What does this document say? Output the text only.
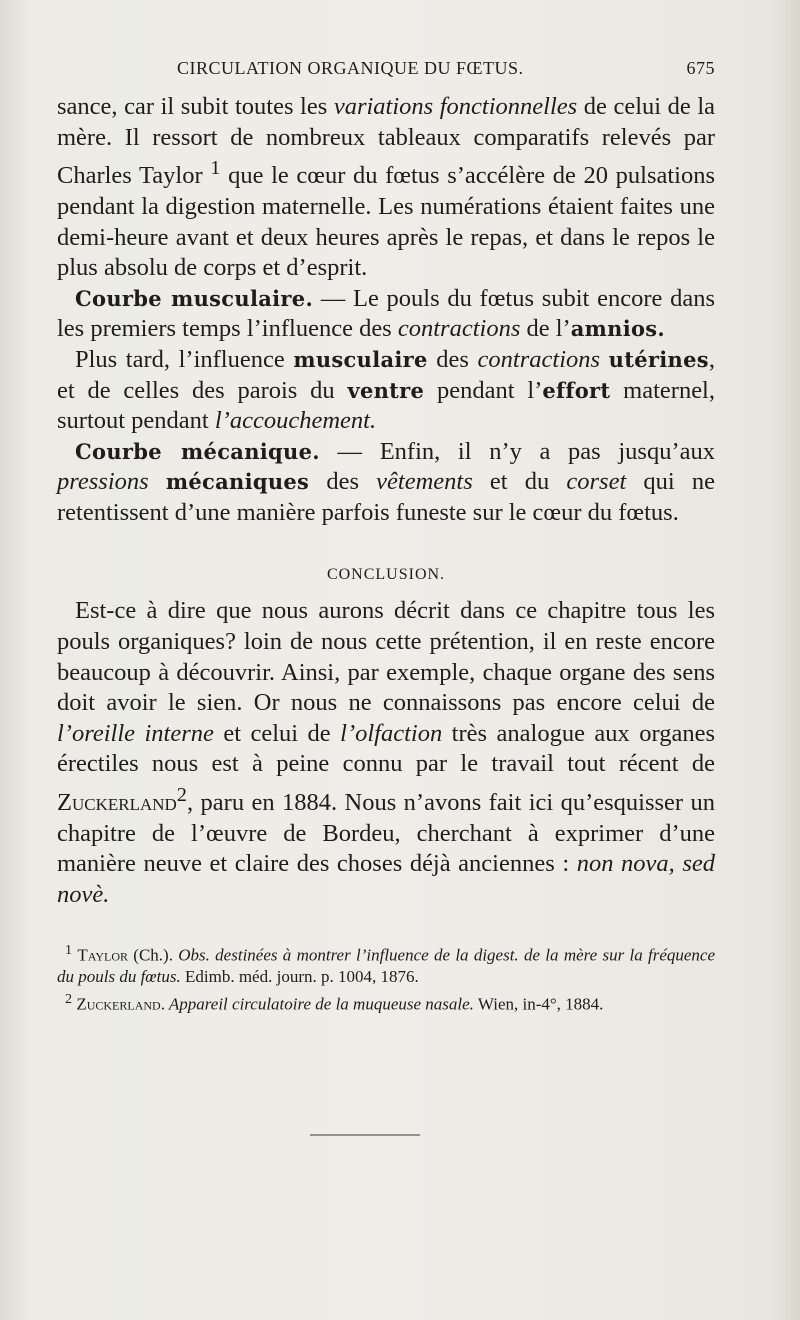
⠀
CIRCULATION ORGANIQUE DU FŒTUS.	675

sance, car il subit toutes les variations fonctionnelles de celui de la mère. Il ressort de nombreux tableaux comparatifs relevés par Charles Taylor $^1$ que le cœur du fœtus s’accélère de 20 pulsations pendant la digestion maternelle. Les numérations étaient faites une demi-heure avant et deux heures après le repas, et dans le repos le plus absolu de corps et d’esprit.

Courbe musculaire. — Le pouls du fœtus subit encore dans les premiers temps l’influence des contractions de l’amnios.

Plus tard, l’influence musculaire des contractions utérines, et de celles des parois du ventre pendant l’effort maternel, surtout pendant l’accouchement.

Courbe mécanique. — Enfin, il n’y a pas jusqu’aux pressions mécaniques des vêtements et du corset qui ne retentissent d’une manière parfois funeste sur le cœur du fœtus.

CONCLUSION.

Est-ce à dire que nous aurons décrit dans ce chapitre tous les pouls organiques? loin de nous cette prétention, il en reste encore beaucoup à découvrir. Ainsi, par exemple, chaque organe des sens doit avoir le sien. Or nous ne connaissons pas encore celui de l’oreille interne et celui de l’olfaction très analogue aux organes érectiles nous est à peine connu par le travail tout récent de Zuckerland$^2$, paru en 1884. Nous n’avons fait ici qu’esquisser un chapitre de l’œuvre de Bordeu, cherchant à exprimer d’une manière neuve et claire des choses déjà anciennes : non nova, sed novè.

$^1$ Taylor (Ch.). Obs. destinées à montrer l’influence de la digest. de la mère sur la fréquence du pouls du fœtus. Edimb. méd. journ. p. 1004, 1876.
$^2$ Zuckerland. Appareil circulatoire de la muqueuse nasale. Wien, in-4°, 1884.
